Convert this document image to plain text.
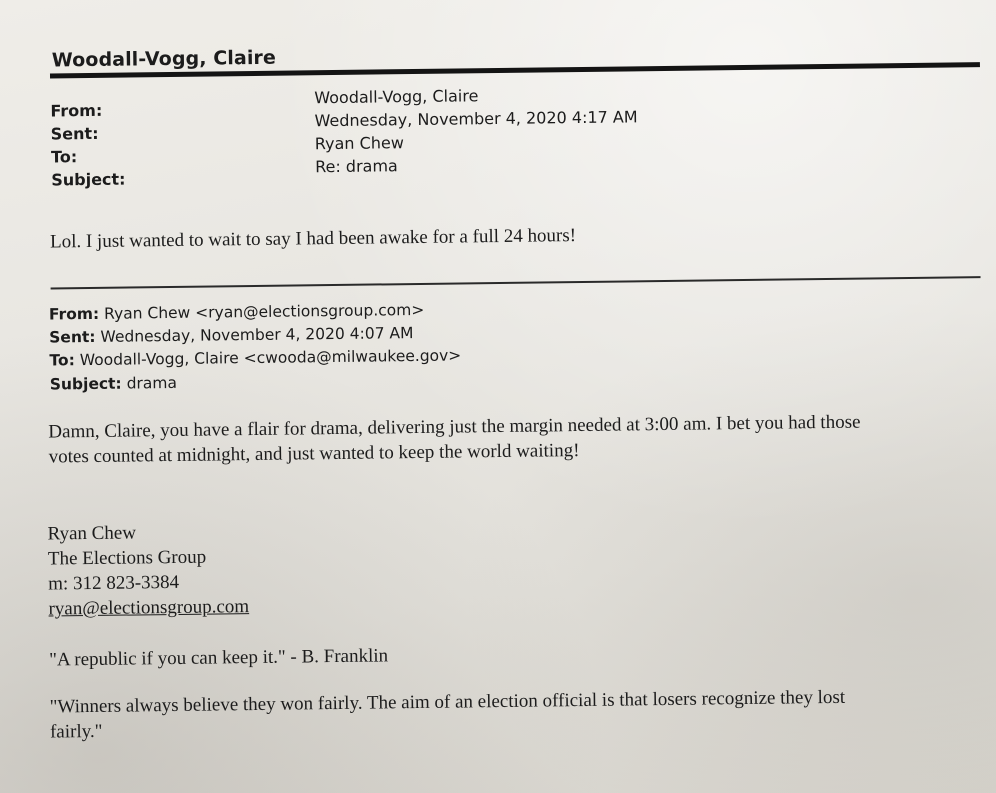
Woodall-Vogg, Claire
From:
Sent:
To:
Subject:
Woodall-Vogg, Claire
Wednesday, November 4, 2020 4:17 AM
Ryan Chew
Re: drama
Lol. I just wanted to wait to say I had been awake for a full 24 hours!
From: Ryan Chew <ryan@electionsgroup.com>
Sent: Wednesday, November 4, 2020 4:07 AM
To: Woodall-Vogg, Claire <cwooda@milwaukee.gov>
Subject: drama
Damn, Claire, you have a flair for drama, delivering just the margin needed at 3:00 am. I bet you had those
votes counted at midnight, and just wanted to keep the world waiting!
Ryan Chew
The Elections Group
m: 312 823-3384
ryan@electionsgroup.com
"A republic if you can keep it." - B. Franklin
"Winners always believe they won fairly. The aim of an election official is that losers recognize they lost
fairly."
